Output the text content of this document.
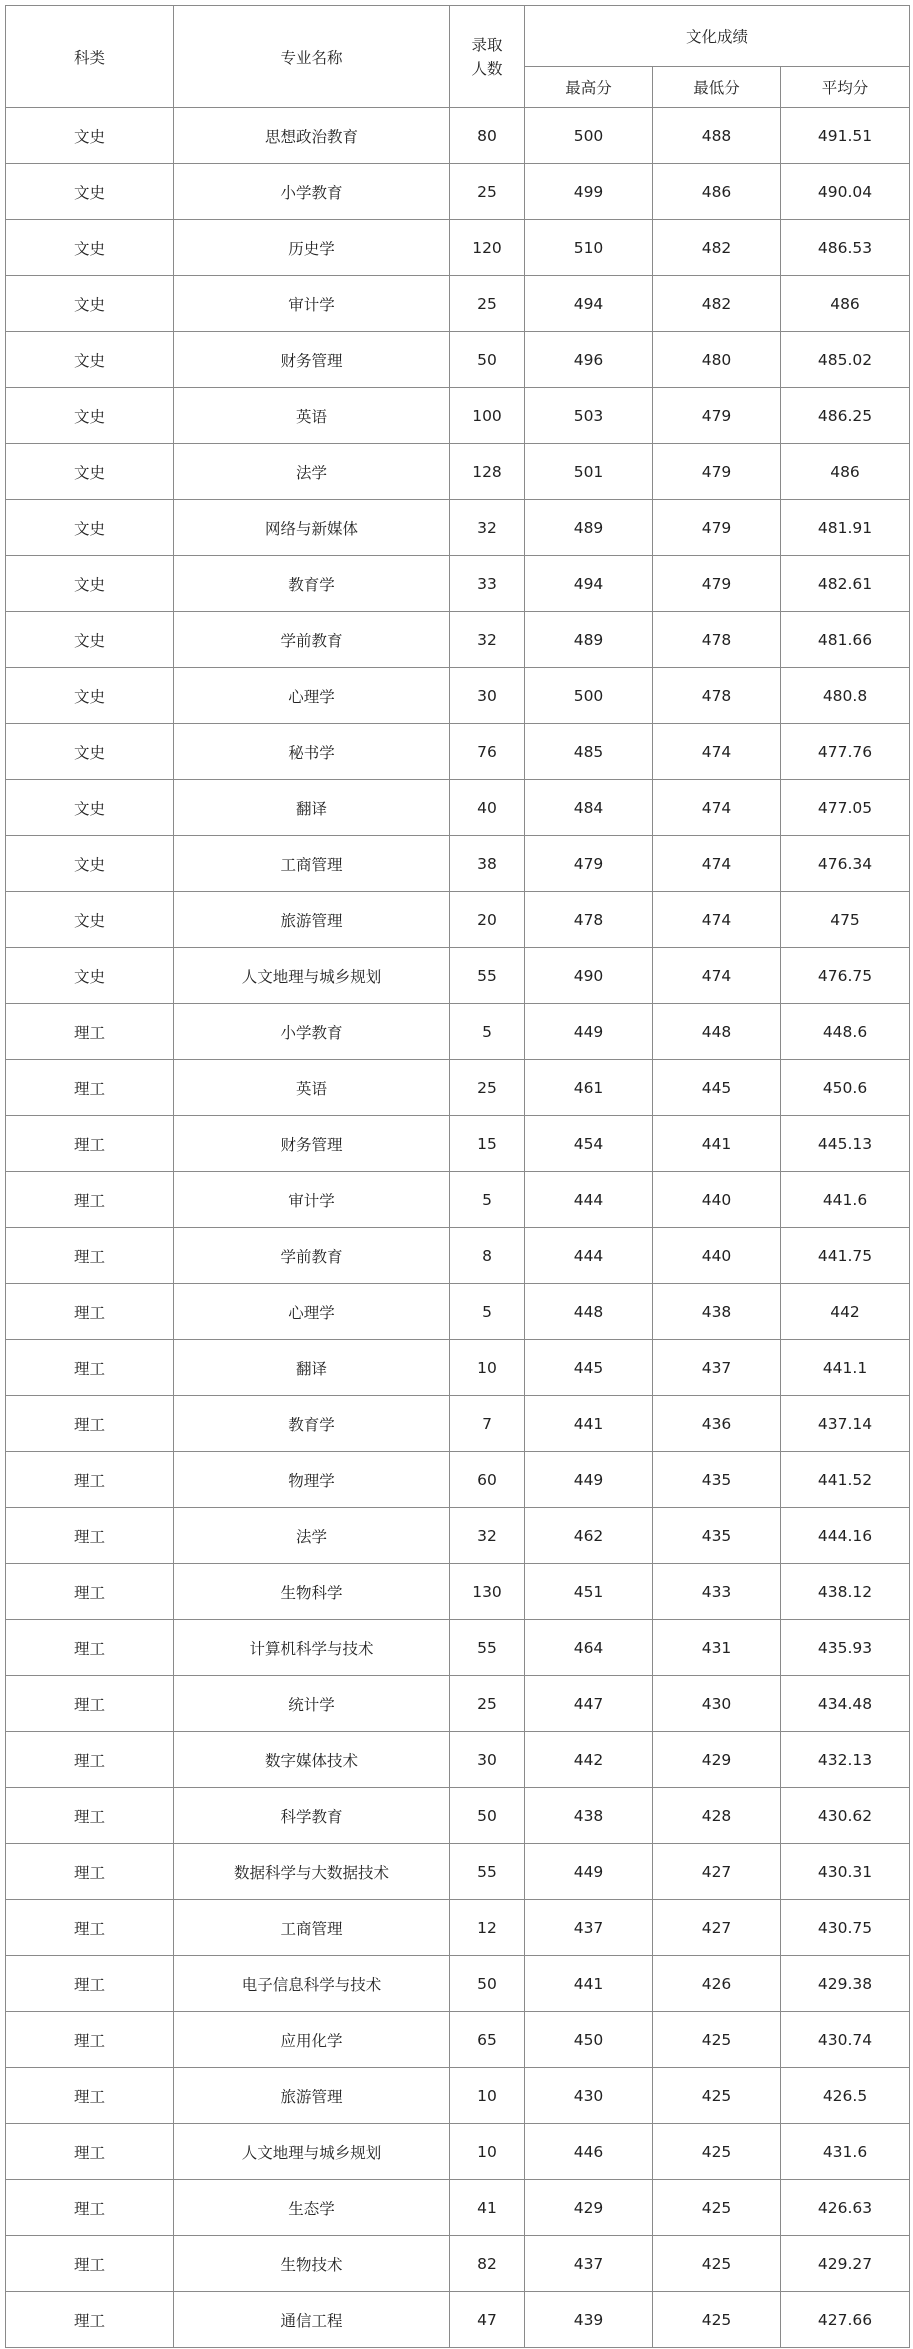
科类	专业名称	录取人数	文化成绩		
			最高分	最低分	平均分
文史	思想政治教育	80	500	488	491.51
文史	小学教育	25	499	486	490.04
文史	历史学	120	510	482	486.53
文史	审计学	25	494	482	486
文史	财务管理	50	496	480	485.02
文史	英语	100	503	479	486.25
文史	法学	128	501	479	486
文史	网络与新媒体	32	489	479	481.91
文史	教育学	33	494	479	482.61
文史	学前教育	32	489	478	481.66
文史	心理学	30	500	478	480.8
文史	秘书学	76	485	474	477.76
文史	翻译	40	484	474	477.05
文史	工商管理	38	479	474	476.34
文史	旅游管理	20	478	474	475
文史	人文地理与城乡规划	55	490	474	476.75
理工	小学教育	5	449	448	448.6
理工	英语	25	461	445	450.6
理工	财务管理	15	454	441	445.13
理工	审计学	5	444	440	441.6
理工	学前教育	8	444	440	441.75
理工	心理学	5	448	438	442
理工	翻译	10	445	437	441.1
理工	教育学	7	441	436	437.14
理工	物理学	60	449	435	441.52
理工	法学	32	462	435	444.16
理工	生物科学	130	451	433	438.12
理工	计算机科学与技术	55	464	431	435.93
理工	统计学	25	447	430	434.48
理工	数字媒体技术	30	442	429	432.13
理工	科学教育	50	438	428	430.62
理工	数据科学与大数据技术	55	449	427	430.31
理工	工商管理	12	437	427	430.75
理工	电子信息科学与技术	50	441	426	429.38
理工	应用化学	65	450	425	430.74
理工	旅游管理	10	430	425	426.5
理工	人文地理与城乡规划	10	446	425	431.6
理工	生态学	41	429	425	426.63
理工	生物技术	82	437	425	429.27
理工	通信工程	47	439	425	427.66
